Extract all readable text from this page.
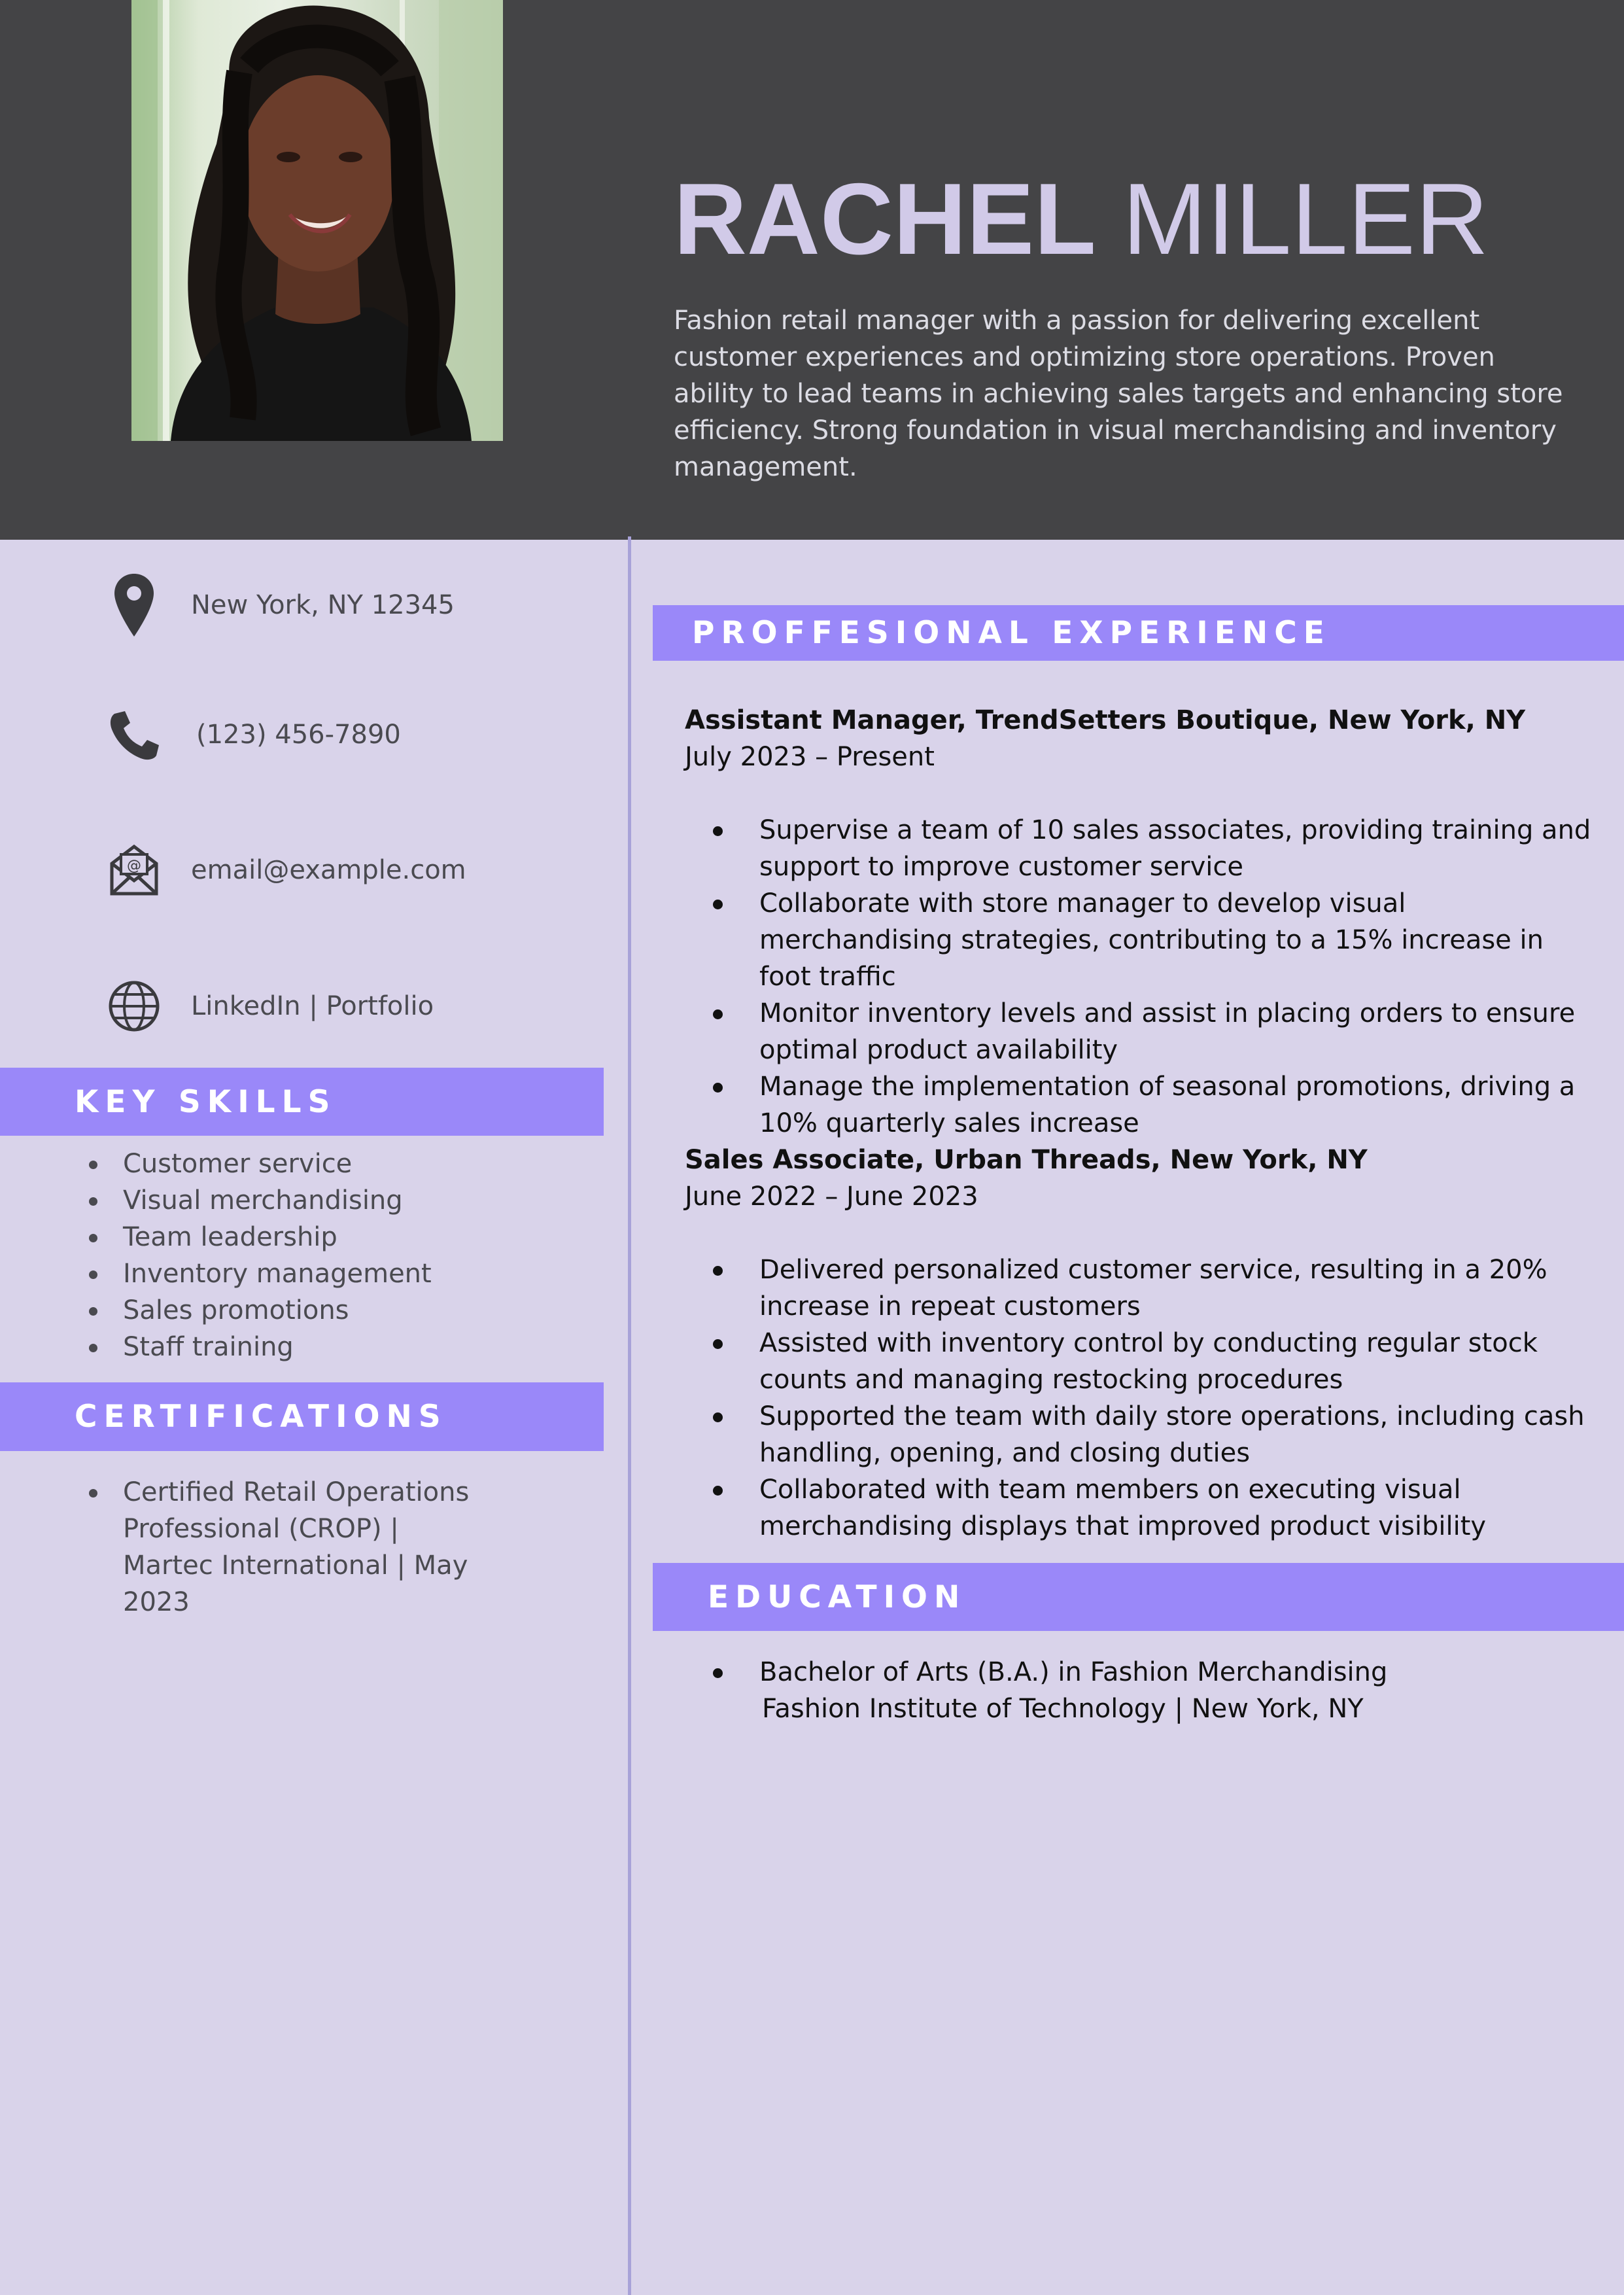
RACHEL MILLER

Fashion retail manager with a passion for delivering excellent customer experiences and optimizing store operations. Proven ability to lead teams in achieving sales targets and enhancing store efficiency. Strong foundation in visual merchandising and inventory management.

New York, NY 12345
(123) 456-7890
@ email@example.com
LinkedIn | Portfolio
KEY SKILLS
Customer service
Visual merchandising
Team leadership
Inventory management
Sales promotions
Staff training
CERTIFICATIONS
Certified Retail Operations Professional (CROP) | Martec International | May 2023
PROFFESIONAL EXPERIENCE
Assistant Manager, TrendSetters Boutique, New York, NY
July 2023 – Present
Supervise a team of 10 sales associates, providing training and support to improve customer service
Collaborate with store manager to develop visual merchandising strategies, contributing to a 15% increase in foot traffic
Monitor inventory levels and assist in placing orders to ensure optimal product availability
Manage the implementation of seasonal promotions, driving a 10% quarterly sales increase
Sales Associate, Urban Threads, New York, NY
June 2022 – June 2023
Delivered personalized customer service, resulting in a 20% increase in repeat customers
Assisted with inventory control by conducting regular stock counts and managing restocking procedures
Supported the team with daily store operations, including cash handling, opening, and closing duties
Collaborated with team members on executing visual merchandising displays that improved product visibility
EDUCATION
Bachelor of Arts (B.A.) in Fashion Merchandising
Fashion Institute of Technology | New York, NY
